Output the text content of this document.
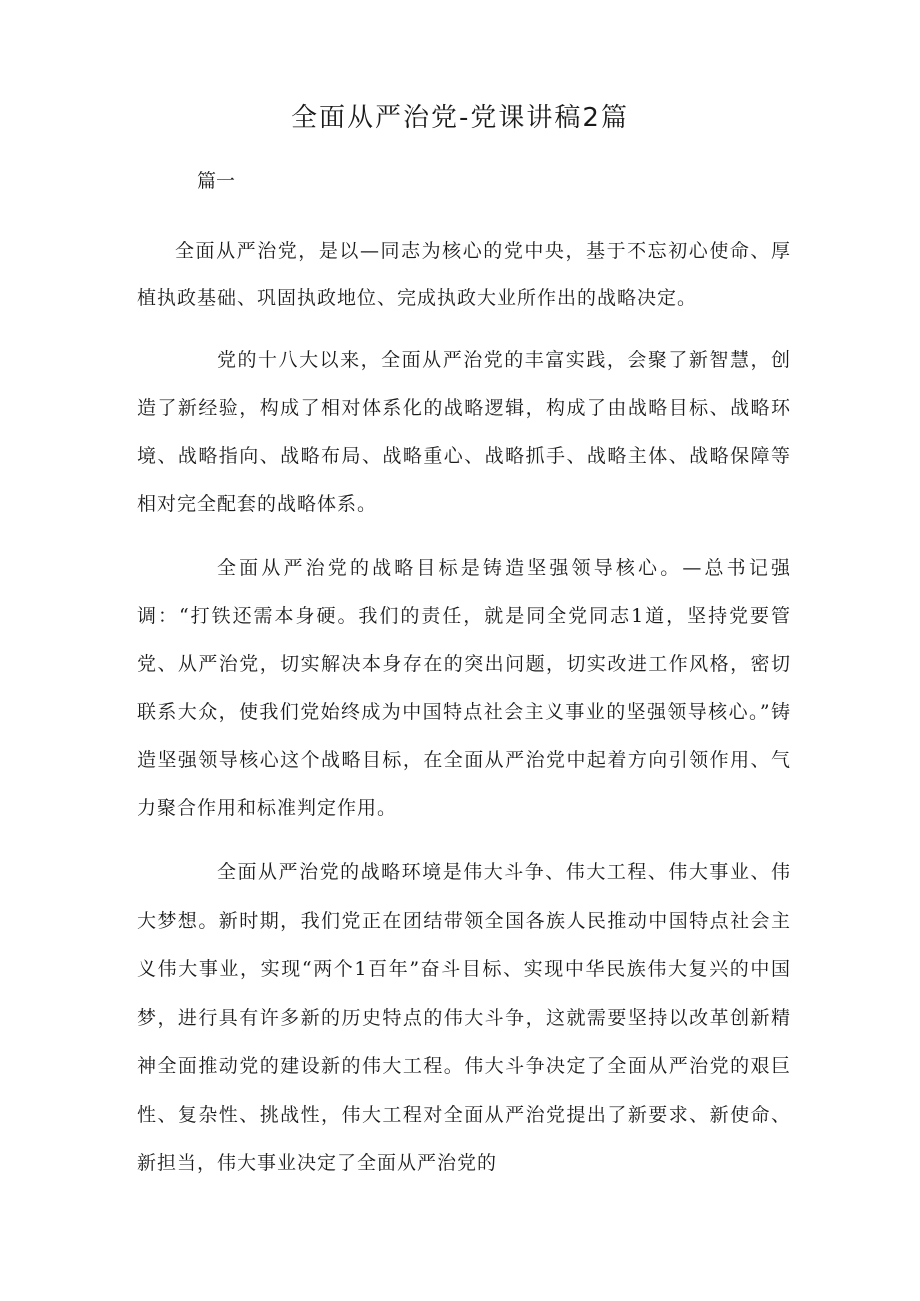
全面从严治党-党课讲稿2篇

篇一

全面从严治党，是以—同志为核心的党中央，基于不忘初心使命、厚植执政基础、巩固执政地位、完成执政大业所作出的战略决定。

党的十八大以来，全面从严治党的丰富实践，会聚了新智慧，创造了新经验，构成了相对体系化的战略逻辑，构成了由战略目标、战略环境、战略指向、战略布局、战略重心、战略抓手、战略主体、战略保障等相对完全配套的战略体系。

全面从严治党的战略目标是铸造坚强领导核心。—总书记强调：“打铁还需本身硬。我们的责任，就是同全党同志1道，坚持党要管党、从严治党，切实解决本身存在的突出问题，切实改进工作风格，密切联系大众，使我们党始终成为中国特点社会主义事业的坚强领导核心。”铸造坚强领导核心这个战略目标，在全面从严治党中起着方向引领作用、气力聚合作用和标准判定作用。

全面从严治党的战略环境是伟大斗争、伟大工程、伟大事业、伟大梦想。新时期，我们党正在团结带领全国各族人民推动中国特点社会主义伟大事业，实现“两个1百年”奋斗目标、实现中华民族伟大复兴的中国梦，进行具有许多新的历史特点的伟大斗争，这就需要坚持以改革创新精神全面推动党的建设新的伟大工程。伟大斗争决定了全面从严治党的艰巨性、复杂性、挑战性，伟大工程对全面从严治党提出了新要求、新使命、新担当，伟大事业决定了全面从严治党的
